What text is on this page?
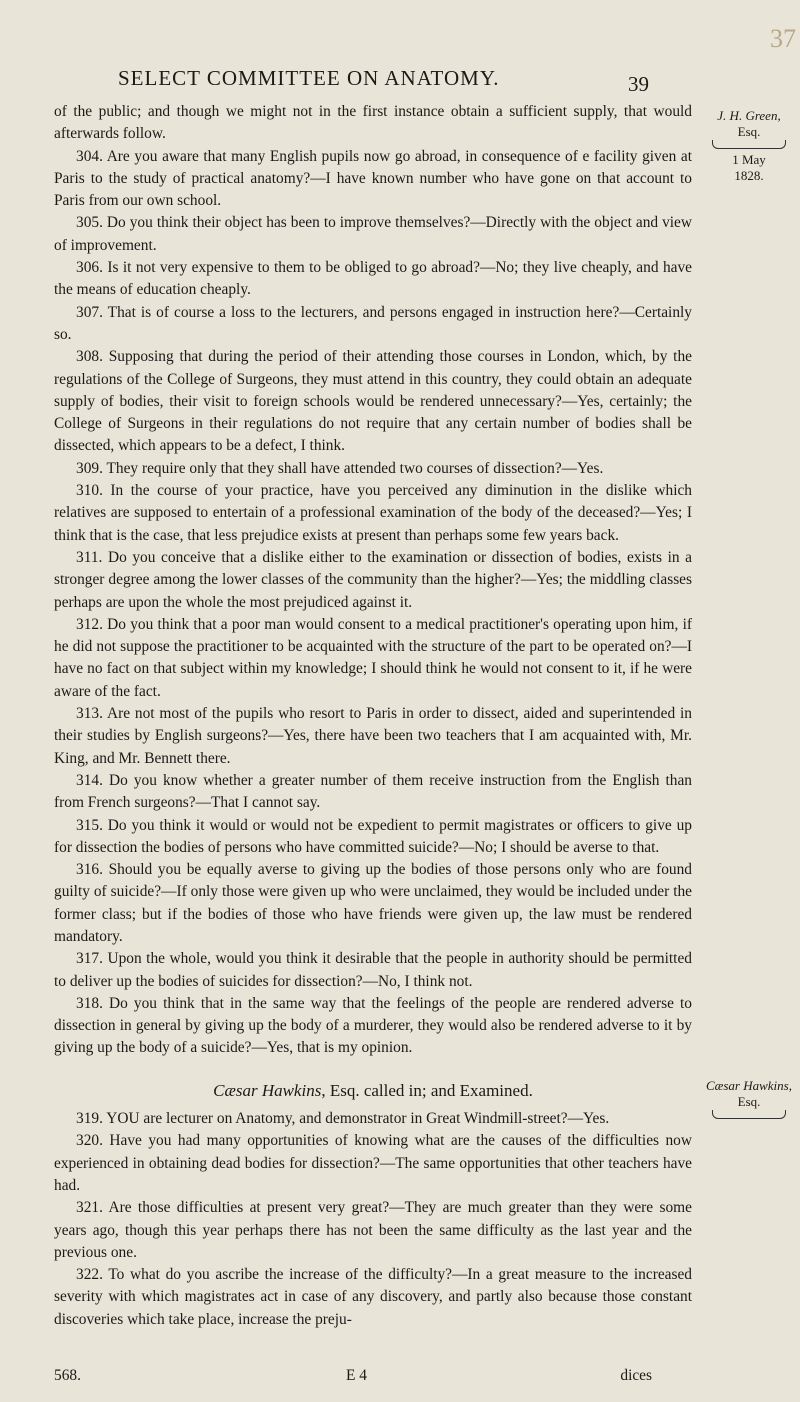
37
SELECT COMMITTEE ON ANATOMY.	39
J. H. Green,
Esq.
1 May
1828.
Cæsar Hawkins,
Esq.

of the public; and though we might not in the first instance obtain a sufficient supply, that would afterwards follow.

304. Are you aware that many English pupils now go abroad, in consequence of e facility given at Paris to the study of practical anatomy?—I have known number who have gone on that account to Paris from our own school.

305. Do you think their object has been to improve themselves?—Directly with the object and view of improvement.

306. Is it not very expensive to them to be obliged to go abroad?—No; they live cheaply, and have the means of education cheaply.

307. That is of course a loss to the lecturers, and persons engaged in instruction here?—Certainly so.

308. Supposing that during the period of their attending those courses in London, which, by the regulations of the College of Surgeons, they must attend in this country, they could obtain an adequate supply of bodies, their visit to foreign schools would be rendered unnecessary?—Yes, certainly; the College of Surgeons in their regulations do not require that any certain number of bodies shall be dissected, which appears to be a defect, I think.

309. They require only that they shall have attended two courses of dissection?—Yes.

310. In the course of your practice, have you perceived any diminution in the dislike which relatives are supposed to entertain of a professional examination of the body of the deceased?—Yes; I think that is the case, that less prejudice exists at present than perhaps some few years back.

311. Do you conceive that a dislike either to the examination or dissection of bodies, exists in a stronger degree among the lower classes of the community than the higher?—Yes; the middling classes perhaps are upon the whole the most prejudiced against it.

312. Do you think that a poor man would consent to a medical practitioner's operating upon him, if he did not suppose the practitioner to be acquainted with the structure of the part to be operated on?—I have no fact on that subject within my knowledge; I should think he would not consent to it, if he were aware of the fact.

313. Are not most of the pupils who resort to Paris in order to dissect, aided and superintended in their studies by English surgeons?—Yes, there have been two teachers that I am acquainted with, Mr. King, and Mr. Bennett there.

314. Do you know whether a greater number of them receive instruction from the English than from French surgeons?—That I cannot say.

315. Do you think it would or would not be expedient to permit magistrates or officers to give up for dissection the bodies of persons who have committed suicide?—No; I should be averse to that.

316. Should you be equally averse to giving up the bodies of those persons only who are found guilty of suicide?—If only those were given up who were unclaimed, they would be included under the former class; but if the bodies of those who have friends were given up, the law must be rendered mandatory.

317. Upon the whole, would you think it desirable that the people in authority should be permitted to deliver up the bodies of suicides for dissection?—No, I think not.

318. Do you think that in the same way that the feelings of the people are rendered adverse to dissection in general by giving up the body of a murderer, they would also be rendered adverse to it by giving up the body of a suicide?—Yes, that is my opinion.

Cæsar Hawkins, Esq. called in; and Examined.

319. YOU are lecturer on Anatomy, and demonstrator in Great Windmill-street?—Yes.

320. Have you had many opportunities of knowing what are the causes of the difficulties now experienced in obtaining dead bodies for dissection?—The same opportunities that other teachers have had.

321. Are those difficulties at present very great?—They are much greater than they were some years ago, though this year perhaps there has not been the same difficulty as the last year and the previous one.

322. To what do you ascribe the increase of the difficulty?—In a great measure to the increased severity with which magistrates act in case of any discovery, and partly also because those constant discoveries which take place, increase the preju-

568.	E 4	dices
